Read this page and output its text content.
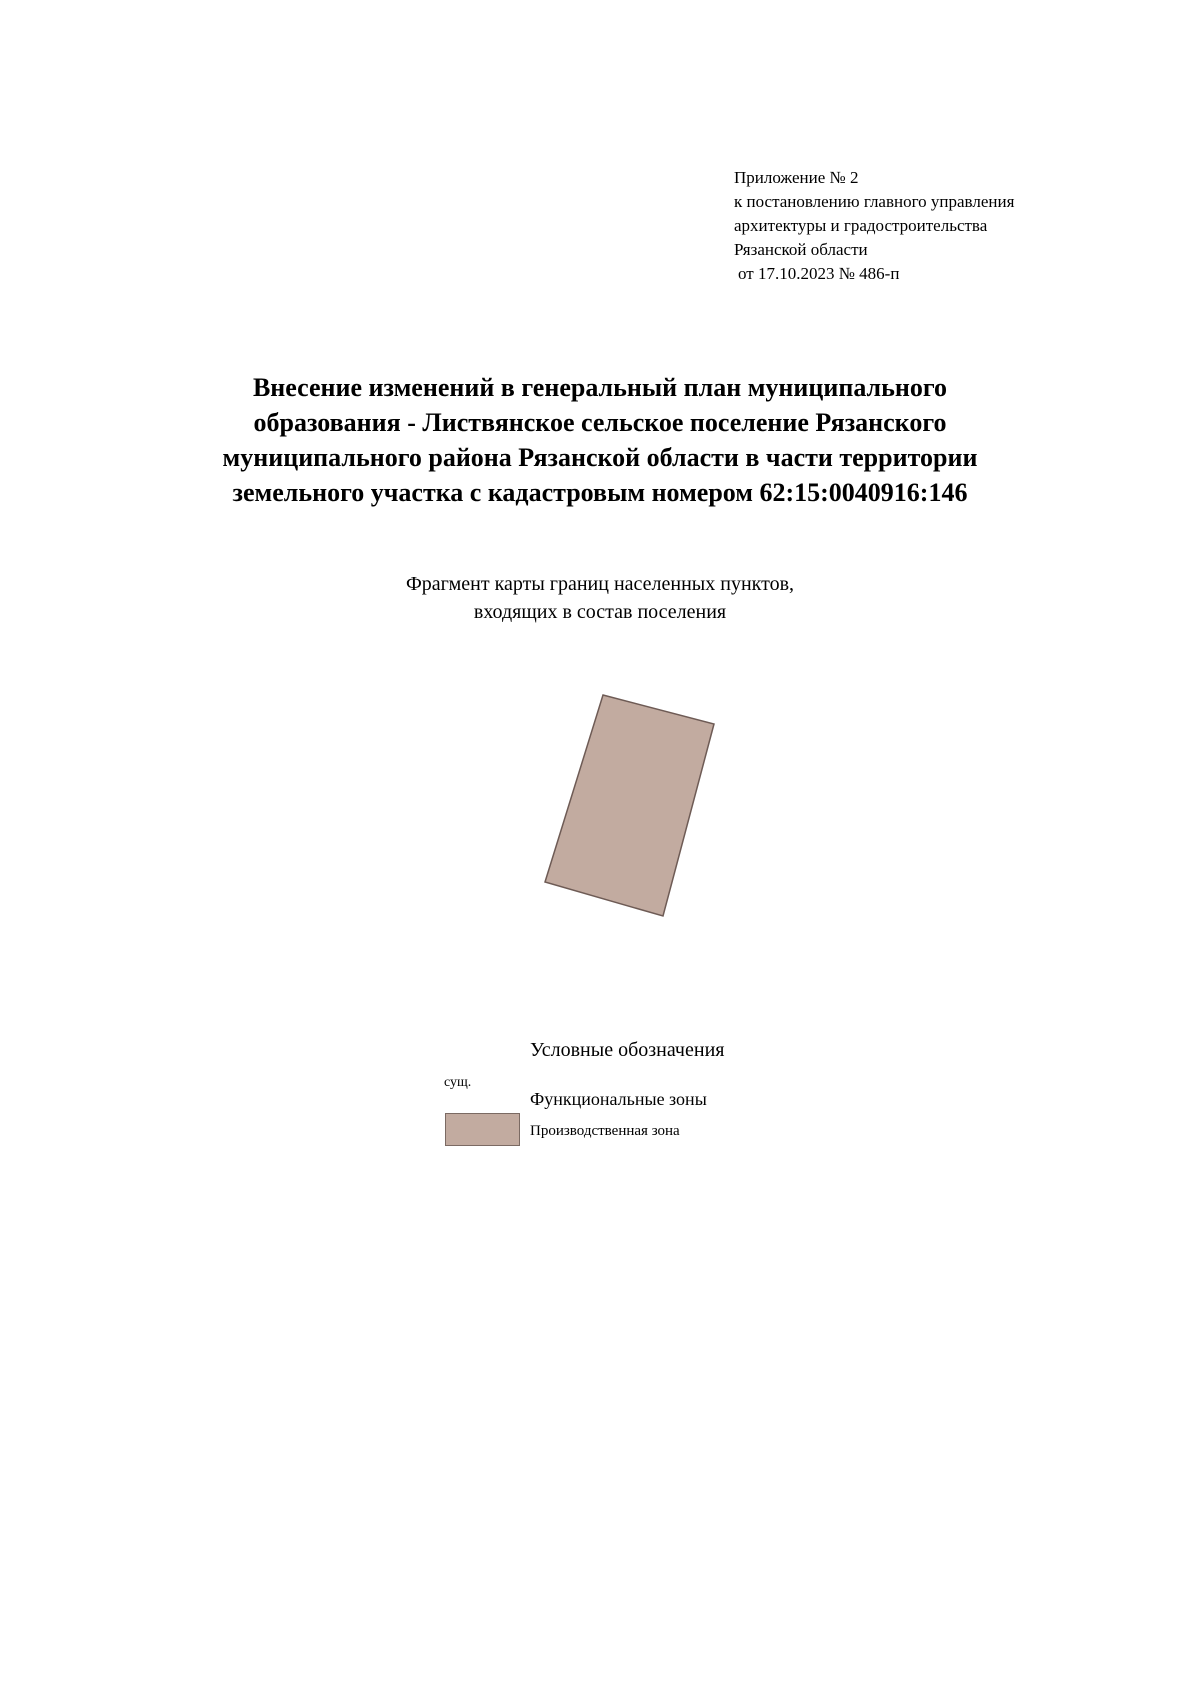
Приложение № 2
к постановлению главного управления
архитектуры и градостроительства
Рязанской области
от 17.10.2023 № 486-п
Внесение изменений в генеральный план муниципального
образования - Листвянское сельское поселение Рязанского
муниципального района Рязанской области в части территории
земельного участка с кадастровым номером 62:15:0040916:146
Фрагмент карты границ населенных пунктов,
входящих в состав поселения
Условные обозначения
сущ.
Функциональные зоны
Производственная зона
